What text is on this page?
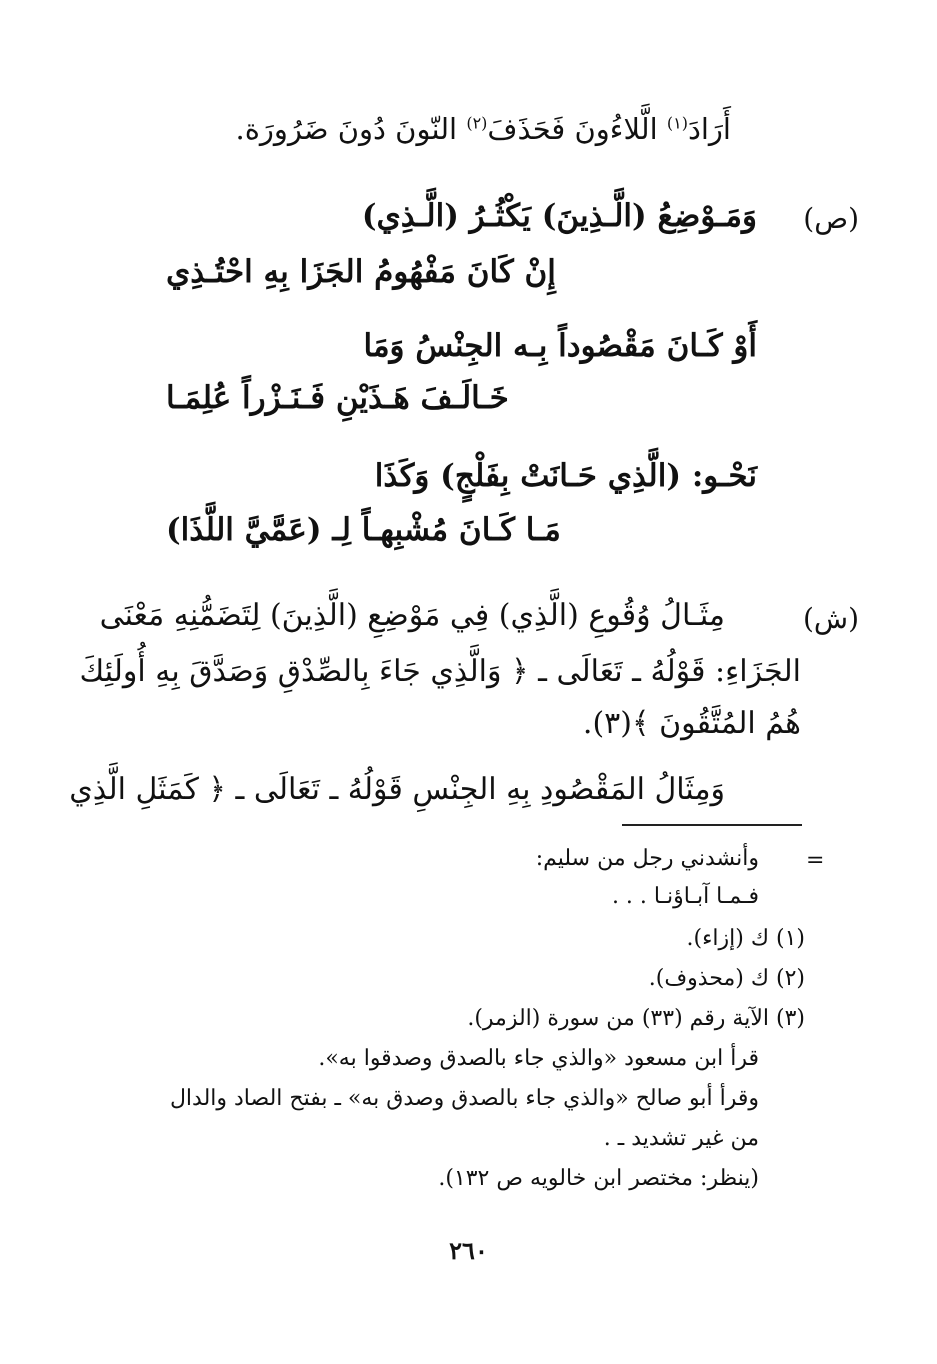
أَرَادَ$^{(١)}$ الَّلاءُونَ فَحَذَفَ$^{(٢)}$ النّونَ دُونَ ضَرُورَة.
(ص)
وَمَـوْضِعُ (الَّـذِينَ) يَكْثُـرُ (الَّـذِي)
إِنْ كَانَ مَفْهُومُ الجَزَا بِهِ احْتُـذِي
أَوْ كَـانَ مَقْصُوداً بِـه الجِنْسُ وَمَا
خَـالَـفَ هَـذَيْنِ فَـنَـزْراً عُلِمَـا
نَحْـو: (الَّذِي حَـانَتْ بِفَلْجٍ) وَكَذَا
مَـا كَـانَ مُشْبِهـاً لِـ (عَمَّيَّ اللَّذَا)
(ش)
مِثَـالُ وُقُوعِ (الَّذِي) فِي مَوْضِعِ (الَّذِينَ) لِتَضَمُّنِهِ مَعْنَى
الجَزَاءِ: قَوْلُهُ ـ تَعَالَى ـ ﴿ وَالَّذِي جَاءَ بِالصِّدْقِ وَصَدَّقَ بِهِ أُولَئِكَ
هُمُ المُتَّقُونَ ﴾(٣).
وَمِثَالُ المَقْصُودِ بِهِ الجِنْسِ قَوْلُهُ ـ تَعَالَى ـ ﴿ كَمَثَلِ الَّذِي
=
وأنشدني رجل من سليم:
فـمـا آبـاؤنـا . . .
(١) ك (إزاء).
(٢) ك (محذوف).
(٣) الآية رقم (٣٣) من سورة (الزمر).
قرأ ابن مسعود «والذي جاء بالصدق وصدقوا به».
وقرأ أبو صالح «والذي جاء بالصدق وصدق به» ـ بفتح الصاد والدال
من غير تشديد ـ .
(ينظر: مختصر ابن خالويه ص ١٣٢).
٢٦٠
